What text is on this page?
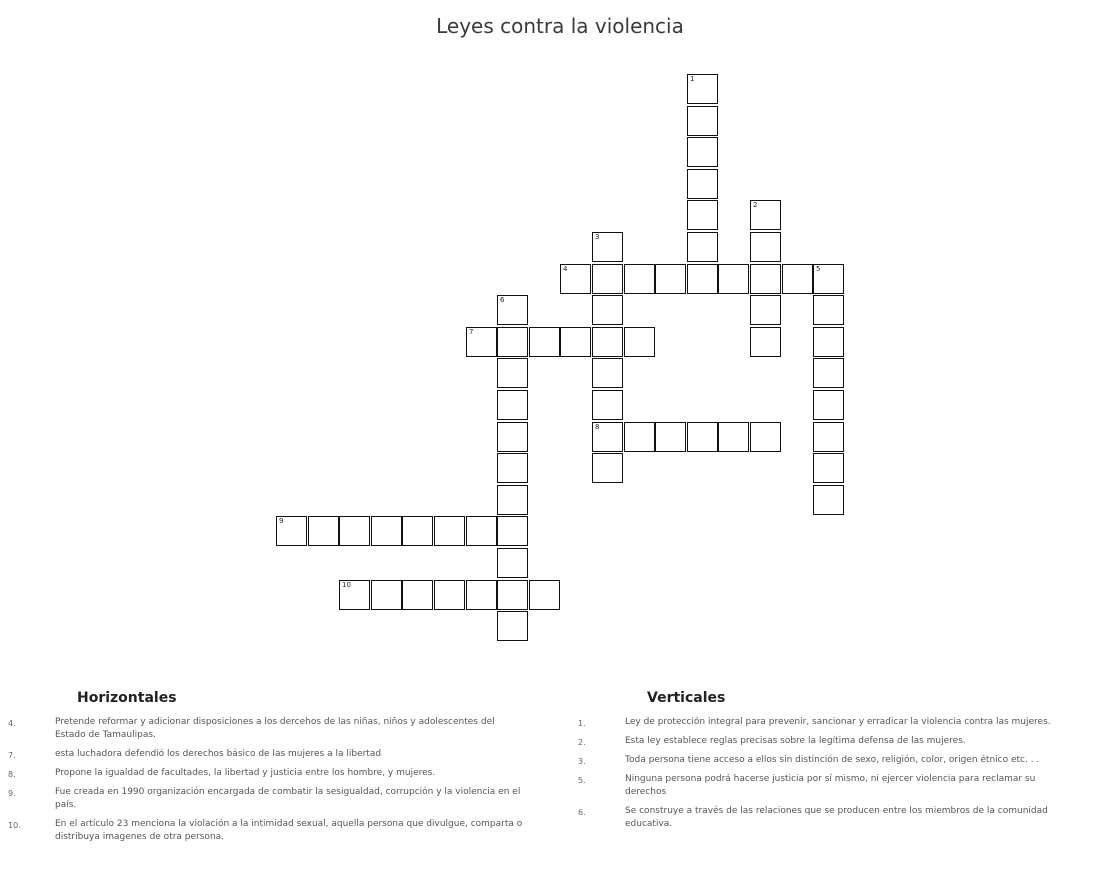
Leyes contra la violencia
1
2
3
8
4	5
6
7
9
10
Horizontales
4.	Pretende reformar y adicionar disposiciones a los dercehos de las niñas, niños y adolescentes del Estado de Tamaulipas.
7.	esta luchadora defendió los derechos básico de las mujeres a la libertad
8.	Propone la igualdad de facultades, la libertad y justicia entre los hombre, y mujeres.
9.	Fue creada en 1990 organización encargada de combatir la sesigualdad, corrupción y la violencia en el país.
10.	En el artículo 23 menciona la violación a la intimidad sexual, aquella persona que divulgue, comparta o distribuya imagenes de otra persona.
Verticales
1.	Ley de protección integral para prevenir, sancionar y erradicar la violencia contra las mujeres.
2.	Esta ley establece reglas precisas sobre la legítima defensa de las mujeres.
3.	Toda persona tiene acceso a ellos sin distinción de sexo, religión, color, origen étnico etc. . .
5.	Ninguna persona podrá hacerse justicia por sí mismo, ni ejercer violencia para reclamar su derechos
6.	Se construye a través de las relaciones que se producen entre los miembros de la comunidad educativa.
